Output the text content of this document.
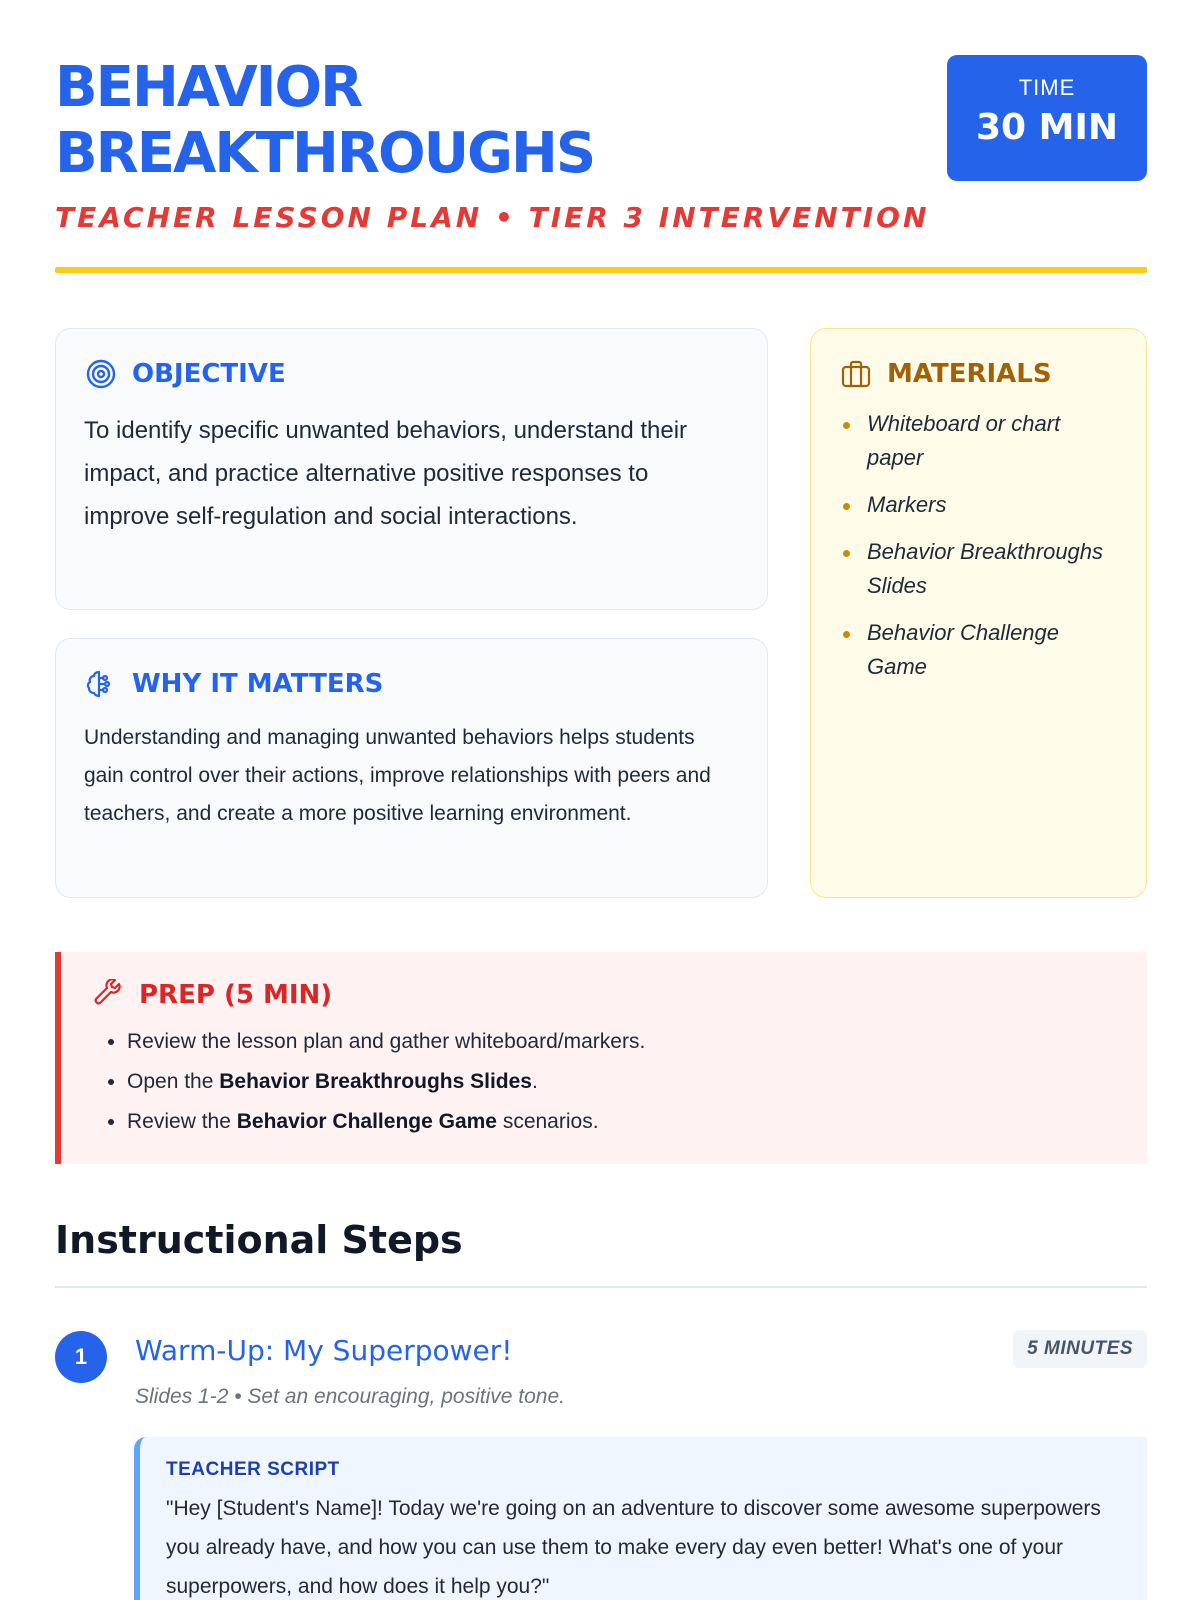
BEHAVIOR BREAKTHROUGHS
TEACHER LESSON PLAN • TIER 3 INTERVENTION
TIME
30 MIN
OBJECTIVE

To identify specific unwanted behaviors, understand their impact, and practice alternative positive responses to improve self-regulation and social interactions.

WHY IT MATTERS

Understanding and managing unwanted behaviors helps students gain control over their actions, improve relationships with peers and teachers, and create a more positive learning environment.

MATERIALS
Whiteboard or chart paper
Markers
Behavior Breakthroughs Slides
Behavior Challenge Game
PREP (5 MIN)
• Review the lesson plan and gather whiteboard/markers.
• Open the Behavior Breakthroughs Slides.
• Review the Behavior Challenge Game scenarios.
Instructional Steps
1	Warm-Up: My Superpower!	5 MINUTES
Slides 1-2 • Set an encouraging, positive tone.
TEACHER SCRIPT

"Hey [Student's Name]! Today we're going on an adventure to discover some awesome superpowers you already have, and how you can use them to make every day even better! What's one of your superpowers, and how does it help you?"
